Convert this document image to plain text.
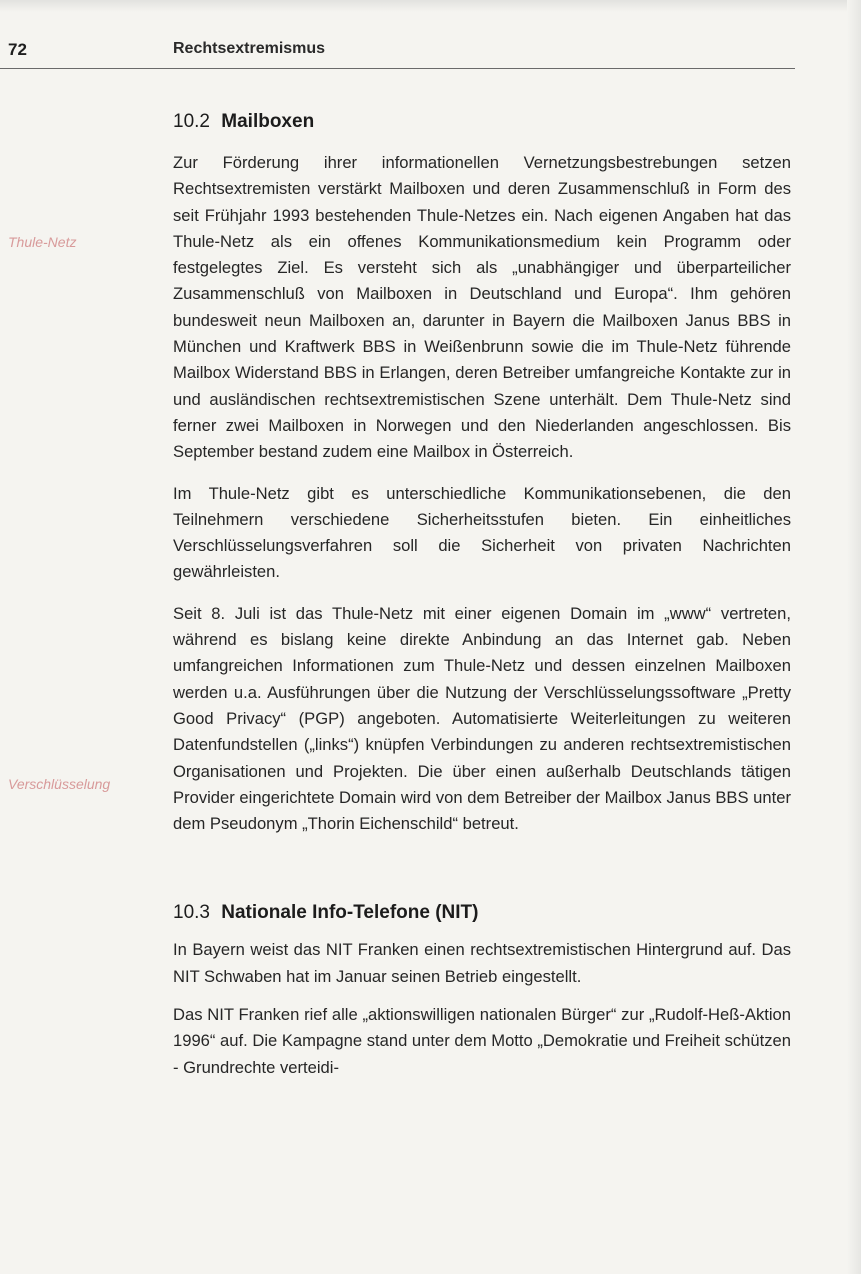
72	Rechtsextremismus
Thule-Netz
Verschlüsselung
10.2 Mailboxen

Zur Förderung ihrer informationellen Vernetzungsbestrebungen setzen Rechtsextremisten verstärkt Mailboxen und deren Zusammenschluß in Form des seit Frühjahr 1993 bestehenden Thule-Netzes ein. Nach eigenen Angaben hat das Thule-Netz als ein offenes Kommunikationsmedium kein Programm oder festgelegtes Ziel. Es versteht sich als „unabhängiger und überparteilicher Zusammenschluß von Mailboxen in Deutschland und Europa“. Ihm gehören bundesweit neun Mailboxen an, darunter in Bayern die Mailboxen Janus BBS in München und Kraftwerk BBS in Weißenbrunn sowie die im Thule-Netz führende Mailbox Widerstand BBS in Erlangen, deren Betreiber umfangreiche Kontakte zur in und ausländischen rechtsextremistischen Szene unterhält. Dem Thule-Netz sind ferner zwei Mailboxen in Norwegen und den Niederlanden angeschlossen. Bis September bestand zudem eine Mailbox in Österreich.

Im Thule-Netz gibt es unterschiedliche Kommunikationsebenen, die den Teilnehmern verschiedene Sicherheitsstufen bieten. Ein einheitliches Verschlüsselungsverfahren soll die Sicherheit von privaten Nachrichten gewährleisten.

Seit 8. Juli ist das Thule-Netz mit einer eigenen Domain im „www“ vertreten, während es bislang keine direkte Anbindung an das Internet gab. Neben umfangreichen Informationen zum Thule-Netz und dessen einzelnen Mailboxen werden u.a. Ausführungen über die Nutzung der Verschlüsselungssoftware „Pretty Good Privacy“ (PGP) angeboten. Automatisierte Weiterleitungen zu weiteren Datenfundstellen („links“) knüpfen Verbindungen zu anderen rechtsextremistischen Organisationen und Projekten. Die über einen außerhalb Deutschlands tätigen Provider eingerichtete Domain wird von dem Betreiber der Mailbox Janus BBS unter dem Pseudonym „Thorin Eichenschild“ betreut.

10.3 Nationale Info-Telefone (NIT)

In Bayern weist das NIT Franken einen rechtsextremistischen Hintergrund auf. Das NIT Schwaben hat im Januar seinen Betrieb eingestellt.

Das NIT Franken rief alle „aktionswilligen nationalen Bürger“ zur „Rudolf-Heß-Aktion 1996“ auf. Die Kampagne stand unter dem Motto „Demokratie und Freiheit schützen - Grundrechte verteidi-
